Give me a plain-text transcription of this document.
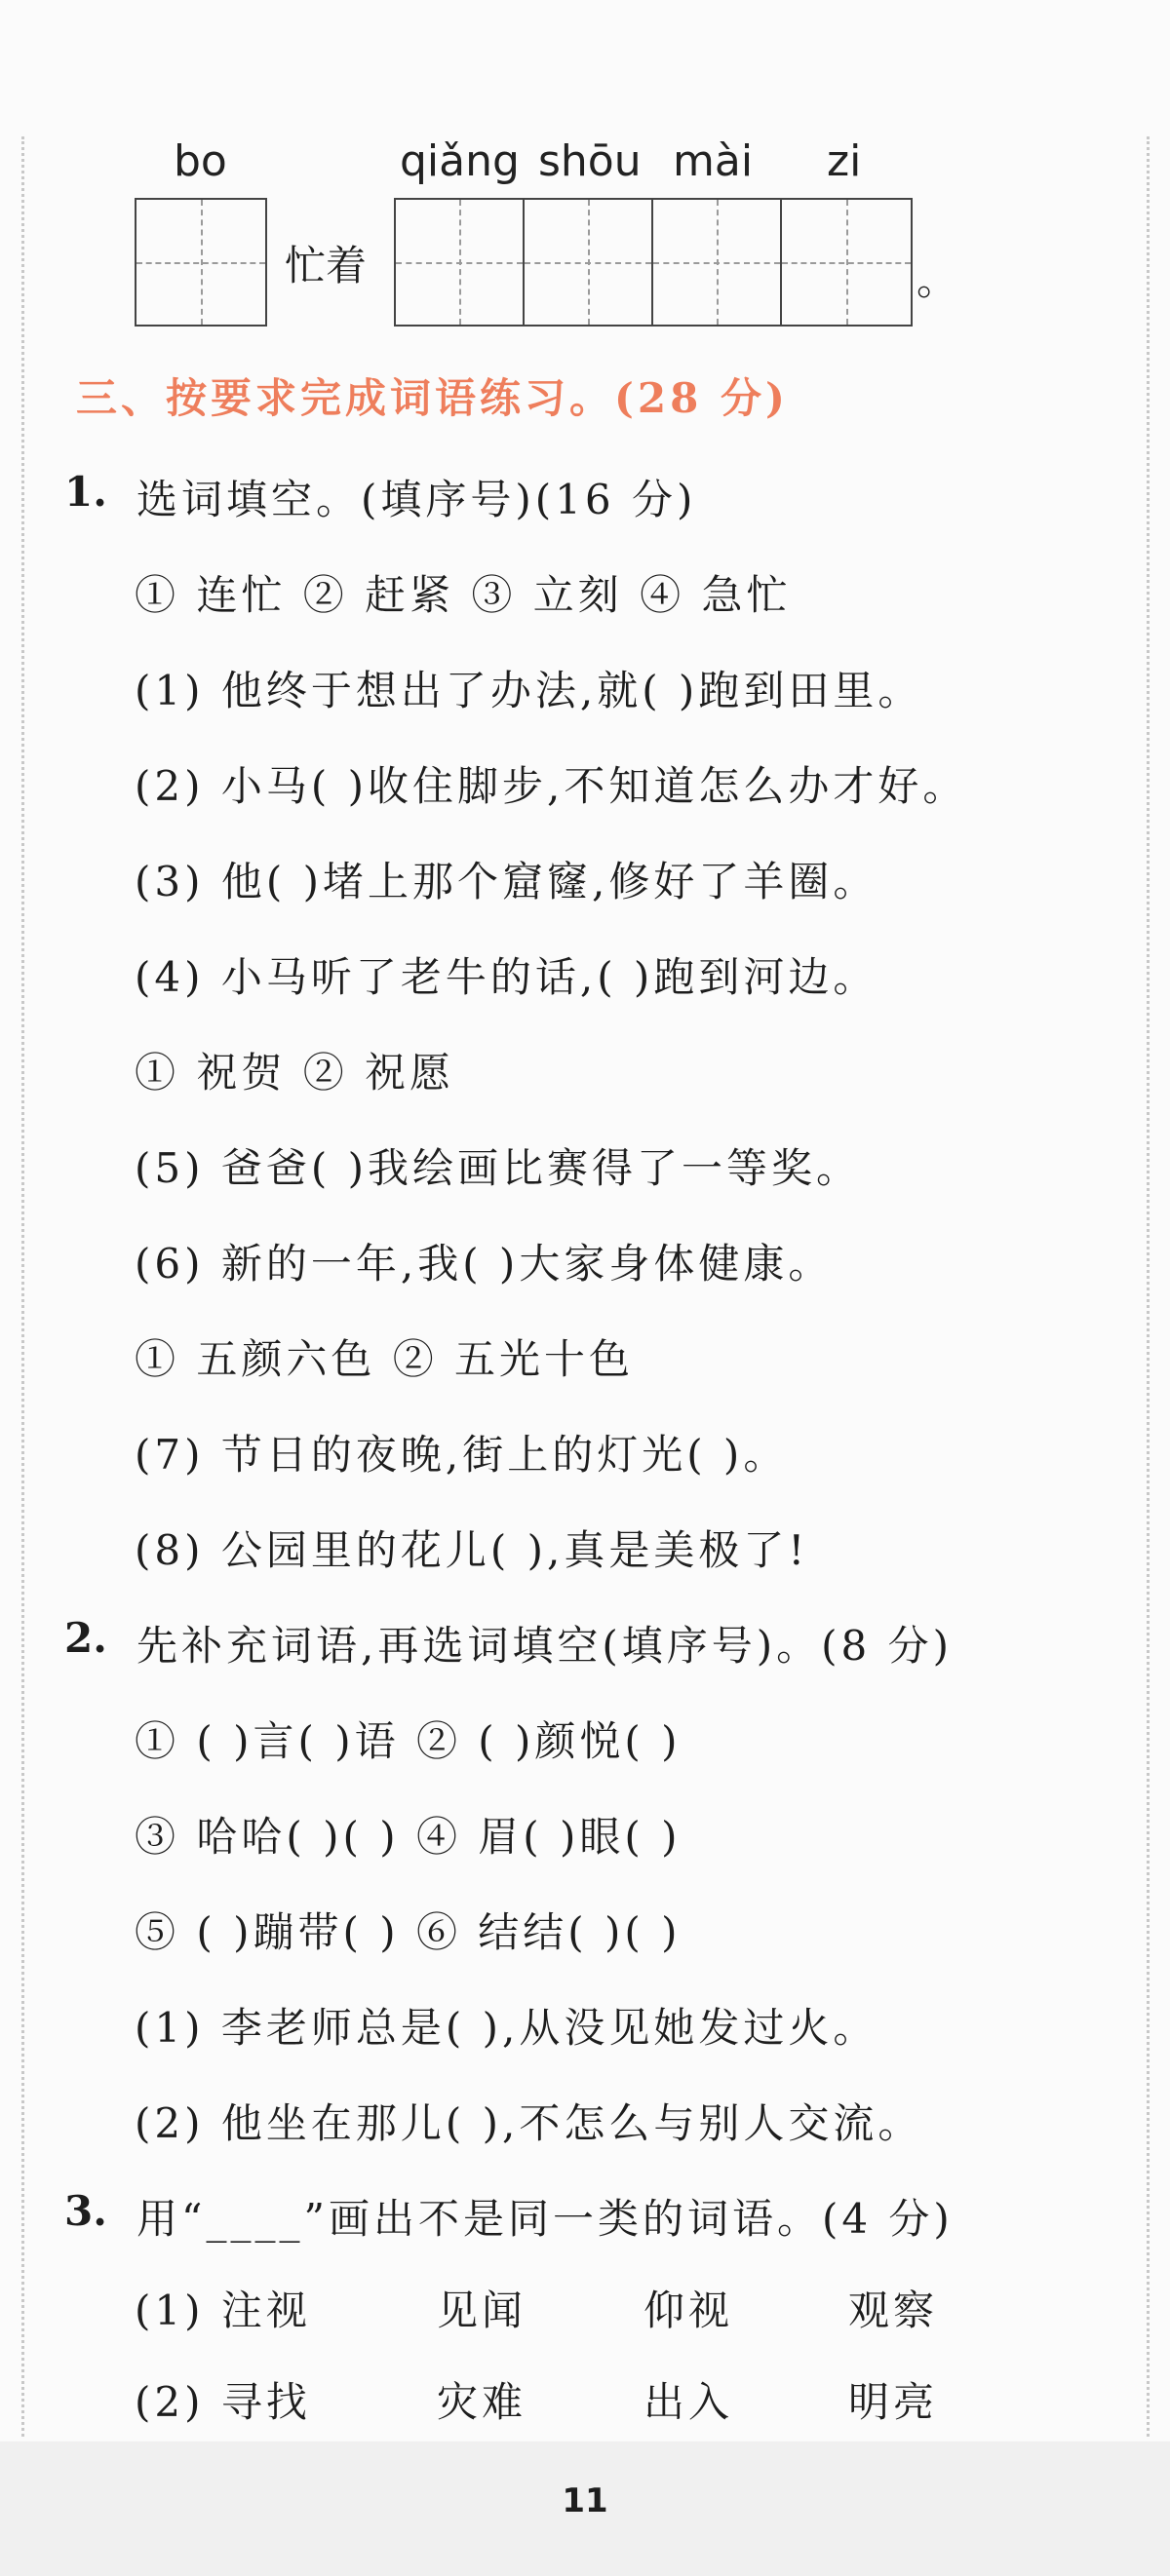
bo	qiǎng shōu mài zi
忙着	。
三、按要求完成词语练习。(28 分)
1. 选词填空。(填序号)(16 分)
① 连忙 ② 赶紧 ③ 立刻 ④ 急忙
(1) 他终于想出了办法,就( )跑到田里。
(2) 小马( )收住脚步,不知道怎么办才好。
(3) 他( )堵上那个窟窿,修好了羊圈。
(4) 小马听了老牛的话,( )跑到河边。
① 祝贺 ② 祝愿
(5) 爸爸( )我绘画比赛得了一等奖。
(6) 新的一年,我( )大家身体健康。
① 五颜六色 ② 五光十色
(7) 节日的夜晚,街上的灯光( )。
(8) 公园里的花儿( ),真是美极了!
2. 先补充词语,再选词填空(填序号)。(8 分)
① ( )言( )语 ② ( )颜悦( )
③ 哈哈( )( ) ④ 眉( )眼( )
⑤ ( )蹦带( ) ⑥ 结结( )( )
(1) 李老师总是( ),从没见她发过火。
(2) 他坐在那儿( ),不怎么与别人交流。
3. 用“____”画出不是同一类的词语。(4 分)
(1) 注视	见闻	仰视	观察
(2) 寻找	灾难	出入	明亮
11
